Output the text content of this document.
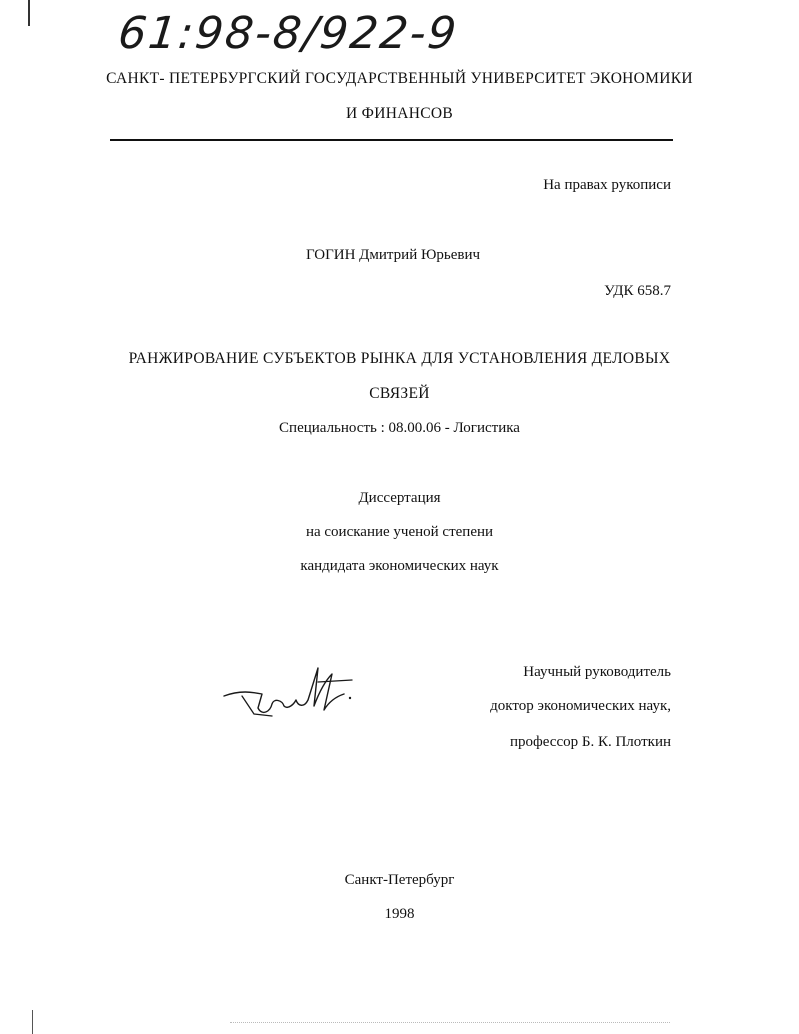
61:98-8/922-9
САНКТ- ПЕТЕРБУРГСКИЙ ГОСУДАРСТВЕННЫЙ УНИВЕРСИТЕТ ЭКОНОМИКИ
И ФИНАНСОВ
На правах рукописи
ГОГИН Дмитрий Юрьевич
УДК 658.7
РАНЖИРОВАНИЕ СУБЪЕКТОВ РЫНКА ДЛЯ УСТАНОВЛЕНИЯ ДЕЛОВЫХ
СВЯЗЕЙ
Специальность : 08.00.06 - Логистика
Диссертация
на соискание ученой степени
кандидата экономических наук
Научный руководитель
доктор экономических наук,
профессор Б. К. Плоткин
Санкт-Петербург
1998
